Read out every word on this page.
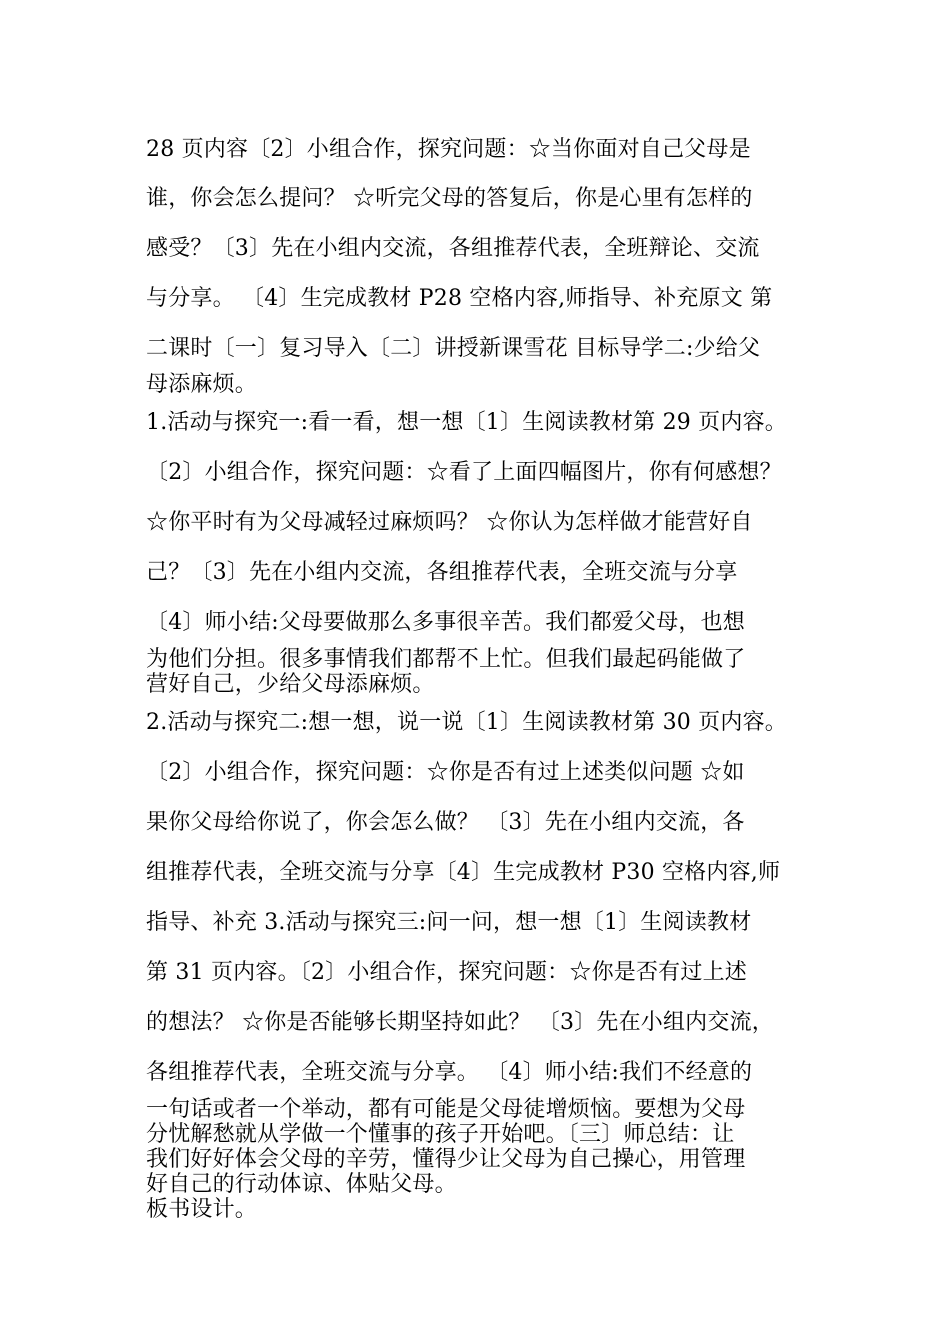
28 页内容〔2〕小组合作，探究问题：☆当你面对自己父母是
谁，你会怎么提问？ ☆听完父母的答复后，你是心里有怎样的
感受？〔3〕先在小组内交流，各组推荐代表，全班辩论、交流
与分享。 〔4〕生完成教材 P28 空格内容,师指导、补充原文 第
二课时〔一〕复习导入〔二〕讲授新课雪花 目标导学二:少给父
母添麻烦。
1.活动与探究一:看一看，想一想〔1〕生阅读教材第 29 页内容。
〔2〕小组合作，探究问题：☆看了上面四幅图片，你有何感想？
☆你平时有为父母减轻过麻烦吗？ ☆你认为怎样做才能营好自
己？〔3〕先在小组内交流，各组推荐代表，全班交流与分享
〔4〕师小结:父母要做那么多事很辛苦。我们都爱父母，也想
为他们分担。很多事情我们都帮不上忙。但我们最起码能做了
营好自己，少给父母添麻烦。
2.活动与探究二:想一想，说一说〔1〕生阅读教材第 30 页内容。
〔2〕小组合作，探究问题：☆你是否有过上述类似问题 ☆如
果你父母给你说了，你会怎么做？ 〔3〕先在小组内交流，各
组推荐代表，全班交流与分享〔4〕生完成教材 P30 空格内容,师
指导、补充 3.活动与探究三:问一问，想一想〔1〕生阅读教材
第 31 页内容。〔2〕小组合作，探究问题：☆你是否有过上述
的想法？ ☆你是否能够长期坚持如此？ 〔3〕先在小组内交流，
各组推荐代表，全班交流与分享。 〔4〕师小结:我们不经意的
一句话或者一个举动，都有可能是父母徒增烦恼。要想为父母
分忧解愁就从学做一个懂事的孩子开始吧。〔三〕师总结：让
我们好好体会父母的辛劳，懂得少让父母为自己操心，用管理
好自己的行动体谅、体贴父母。
板书设计。
